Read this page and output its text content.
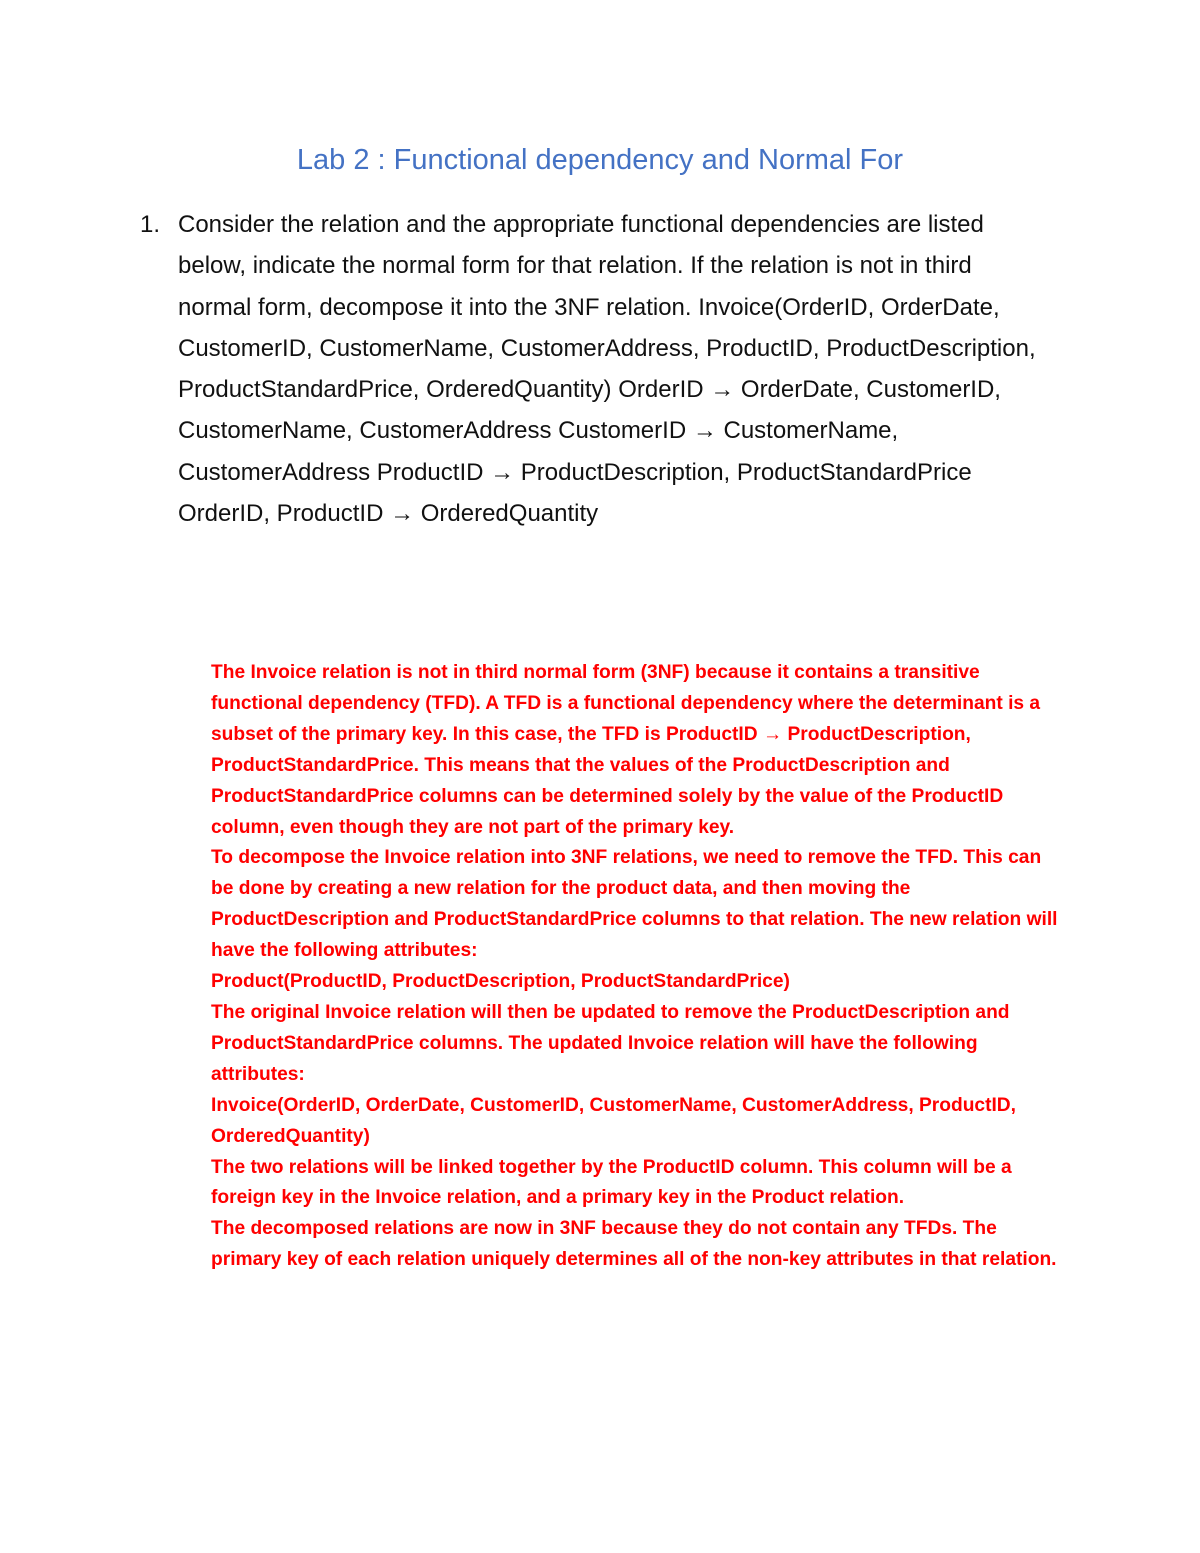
Lab 2 : Functional dependency and Normal For
1. Consider the relation and the appropriate functional dependencies are listed below, indicate the normal form for that relation. If the relation is not in third normal form, decompose it into the 3NF relation. Invoice(OrderID, OrderDate, CustomerID, CustomerName, CustomerAddress, ProductID, ProductDescription, ProductStandardPrice, OrderedQuantity) OrderID → OrderDate, CustomerID, CustomerName, CustomerAddress CustomerID → CustomerName, CustomerAddress ProductID → ProductDescription, ProductStandardPrice OrderID, ProductID → OrderedQuantity

The Invoice relation is not in third normal form (3NF) because it contains a transitive functional dependency (TFD). A TFD is a functional dependency where the determinant is a subset of the primary key. In this case, the TFD is ProductID → ProductDescription, ProductStandardPrice. This means that the values of the ProductDescription and ProductStandardPrice columns can be determined solely by the value of the ProductID column, even though they are not part of the primary key.

To decompose the Invoice relation into 3NF relations, we need to remove the TFD. This can be done by creating a new relation for the product data, and then moving the ProductDescription and ProductStandardPrice columns to that relation. The new relation will have the following attributes:

Product(ProductID, ProductDescription, ProductStandardPrice)

The original Invoice relation will then be updated to remove the ProductDescription and ProductStandardPrice columns. The updated Invoice relation will have the following attributes:

Invoice(OrderID, OrderDate, CustomerID, CustomerName, CustomerAddress, ProductID, OrderedQuantity)

The two relations will be linked together by the ProductID column. This column will be a foreign key in the Invoice relation, and a primary key in the Product relation.

The decomposed relations are now in 3NF because they do not contain any TFDs. The primary key of each relation uniquely determines all of the non-key attributes in that relation.
